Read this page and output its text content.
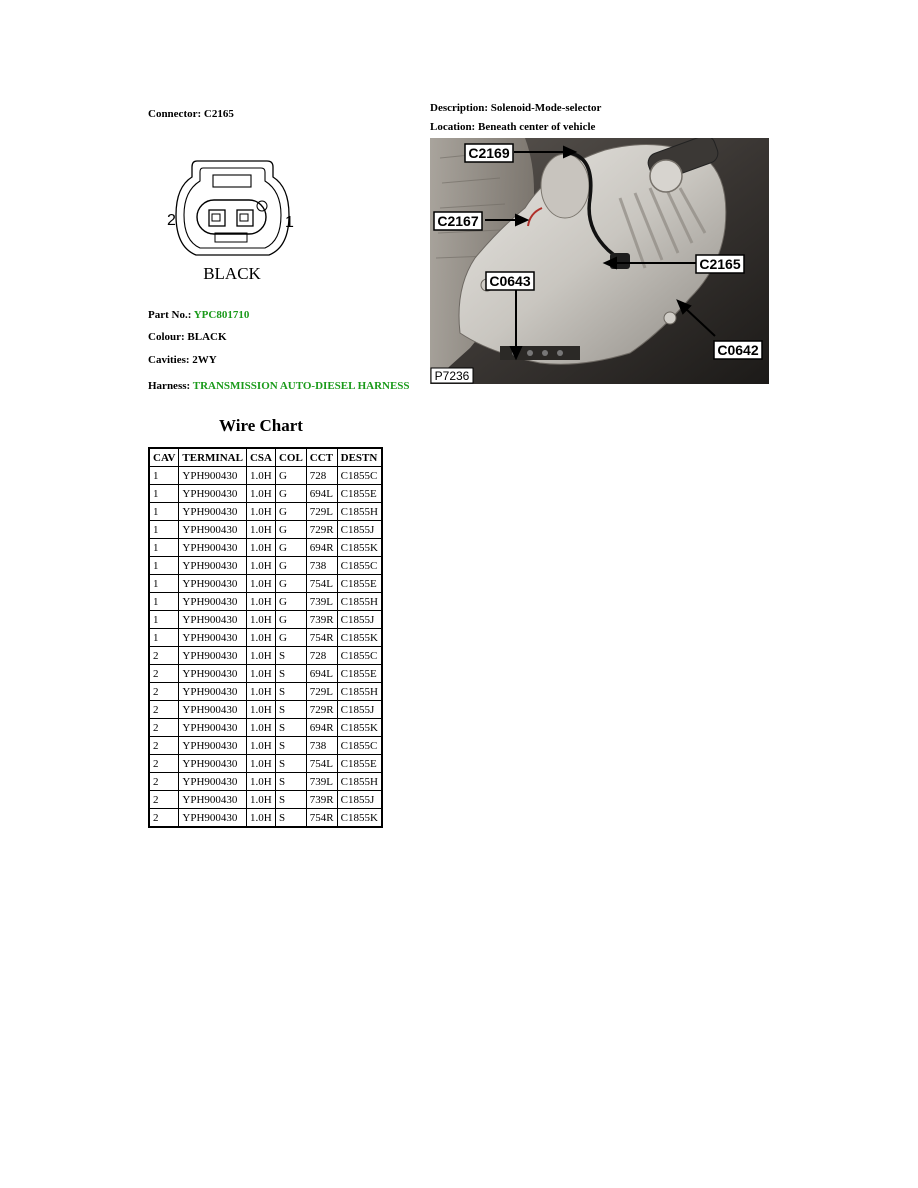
Connector: C2165	Description: Solenoid-Mode-selector
Location: Beneath center of vehicle
2	1
BLACK
Part No.: YPC801710
Colour: BLACK
Cavities: 2WY
Harness: TRANSMISSION AUTO-DIESEL HARNESS
C2169
C2167
C2165
C0643
C0642
P7236
Wire Chart
CAV	TERMINAL	CSA	COL	CCT	DESTN
1	YPH900430	1.0H	G	728	C1855C
1	YPH900430	1.0H	G	694L	C1855E
1	YPH900430	1.0H	G	729L	C1855H
1	YPH900430	1.0H	G	729R	C1855J
1	YPH900430	1.0H	G	694R	C1855K
1	YPH900430	1.0H	G	738	C1855C
1	YPH900430	1.0H	G	754L	C1855E
1	YPH900430	1.0H	G	739L	C1855H
1	YPH900430	1.0H	G	739R	C1855J
1	YPH900430	1.0H	G	754R	C1855K
2	YPH900430	1.0H	S	728	C1855C
2	YPH900430	1.0H	S	694L	C1855E
2	YPH900430	1.0H	S	729L	C1855H
2	YPH900430	1.0H	S	729R	C1855J
2	YPH900430	1.0H	S	694R	C1855K
2	YPH900430	1.0H	S	738	C1855C
2	YPH900430	1.0H	S	754L	C1855E
2	YPH900430	1.0H	S	739L	C1855H
2	YPH900430	1.0H	S	739R	C1855J
2	YPH900430	1.0H	S	754R	C1855K
